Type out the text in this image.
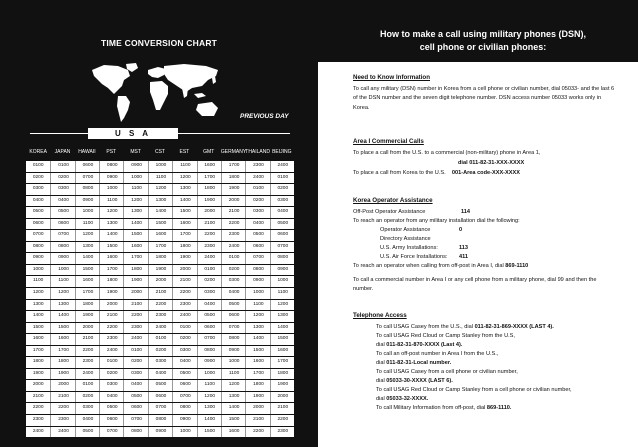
TIME CONVERSION CHART
PREVIOUS DAY
U S A
KOREA	JAPAN	HAWAII	PST	MST	CST	EST	GMT	GERMANY THAILAND BEIJING
0100	0100	0600	0800	0900	1000	1100	1600	1700	2300	2400
0200	0200	0700	0900	1000	1100	1200	1700	1800	2400	0100
0300	0300	0800	1000	1100	1200	1300	1800	1900	0100	0200
0400	0400	0900	1100	1200	1300	1400	1900	2000	0200	0300
0500	0500	1000	1200	1300	1400	1500	2000	2100	0300	0400
0600	0600	1100	1300	1400	1500	1600	2100	2200	0400	0500
0700	0700	1200	1400	1500	1600	1700	2200	2300	0500	0600
0800	0800	1300	1500	1600	1700	1800	2300	2400	0600	0700
0900	0900	1400	1600	1700	1800	1900	2400	0100	0700	0800
1000	1000	1500	1700	1800	1900	2000	0100	0200	0800	0900
1100	1100	1600	1800	1900	2000	2100	0200	0300	0900	1000
1200	1200	1700	1900	2000	2100	2200	0300	0400	1000	1100
1300	1300	1800	2000	2100	2200	2300	0400	0500	1100	1200
1400	1400	1900	2100	2200	2300	2400	0500	0600	1200	1300
1500	1500	2000	2200	2300	2400	0100	0600	0700	1300	1400
1600	1600	2100	2300	2400	0100	0200	0700	0800	1400	1500
1700	1700	2200	2400	0100	0200	0300	0800	0900	1500	1600
1800	1800	2300	0100	0200	0300	0400	0900	1000	1600	1700
1900	1900	2400	0200	0300	0400	0500	1000	1100	1700	1800
2000	2000	0100	0300	0400	0500	0600	1100	1200	1800	1900
2100	2100	0200	0400	0500	0600	0700	1200	1300	1900	2000
2200	2200	0300	0500	0600	0700	0800	1300	1400	2000	2100
2300	2300	0400	0600	0700	0800	0900	1400	1500	2100	2200
2400	2400	0500	0700	0800	0900	1000	1500	1600	2200	2300
How to make a call using military phones (DSN),
cell phone or civilian phones:
Need to Know Information
To call any military (DSN) number in Korea from a cell phone or civilian number, dial 05033- and the last 6 of the DSN number and the seven digit telephone number. DSN access number 05033 works only in Korea.
Area I Commercial Calls
To place a call from the U.S. to a commercial (non-military) phone in Area 1,
dial 011-82-31-XXX-XXXX
To place a call from Korea to the U.S. 001-Area code-XXX-XXXX
Korea Operator Assistance
Off-Post Operator Assistance	114
To reach an operator from any military installation dial the following:
Operator Assistance	0
Directory Assistance
U.S. Army Installations:	113
U.S. Air Force Installations: 411
To reach an operator when calling from off-post in Area I, dial 869-1110
To call a commercial number in Area I or any cell phone from a military phone, dial 99 and then the number.
Telephone Access
To call USAG Casey from the U.S., dial 011-82-31-869-XXXX (LAST 4).
To call USAG Red Cloud or Camp Stanley from the U.S,
dial 011-82-31-870-XXXX (Last 4).
To call an off-post number in Area I from the U.S.,
dial 011-82-31-Local number.
To call USAG Casey from a cell phone or civilian number,
dial 05033-30-XXXX (LAST 6).
To call USAG Red Cloud or Camp Stanley from a cell phone or civilian number,
dial 05033-32-XXXX.
To call Military Information from off-post, dial 869-1110.
